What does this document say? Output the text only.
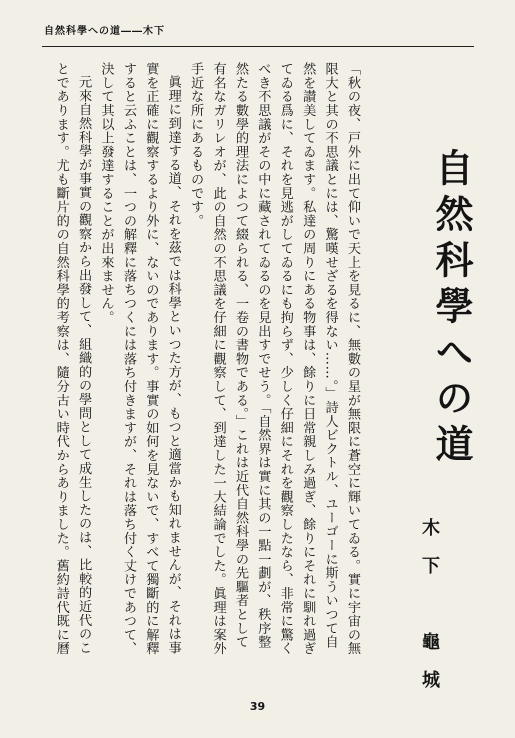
自然科學への道――木下
自然科學への道
木下　龜城

「秋の夜、戸外に出て仰いで天上を見るに、無數の星が無限に蒼空に輝いてゐる。實に宇宙の無限大と其の不思議とには、驚嘆せざるを得ない……。」詩人ビクトル、ユーゴーに斯ういつて自然を讃美してゐます。私達の周りにある物事は、餘りに日常親しみ過ぎ、餘りにそれに馴れ過ぎてゐる爲に、それを見逃がしてゐるにも拘らず、少しく仔細にそれを觀察したなら、非常に驚くべき不思議がその中に藏されてゐるのを見出すでせう。「自然界は實に其の一點一劃が、秩序整然たる數學的理法によつて綴られる、一卷の書物である。」これは近代自然科學の先驅者として有名なガリレオが、此の自然の不思議を仔細に觀察して、到達した一大結論でした。眞理は案外手近な所にあるものです。

眞理に到達する道、それを茲では科學といつた方が、もつと適當かも知れませんが、それは事實を正確に觀察するより外に、ないのであります。事實の如何を見ないで、すべて獨斷的に解釋すると云ふことは、一つの解釋に落ちつくには落ち付きますが、それは落ち付く丈けであつて、決して其以上發達することが出來ません。

元來自然科學が事實の觀察から出發して、組織的の學問として成生したのは、比較的近代のことであります。尤も斷片的の自然科學的考察は、隨分古い時代からありました。舊約詩代既に曆

39
